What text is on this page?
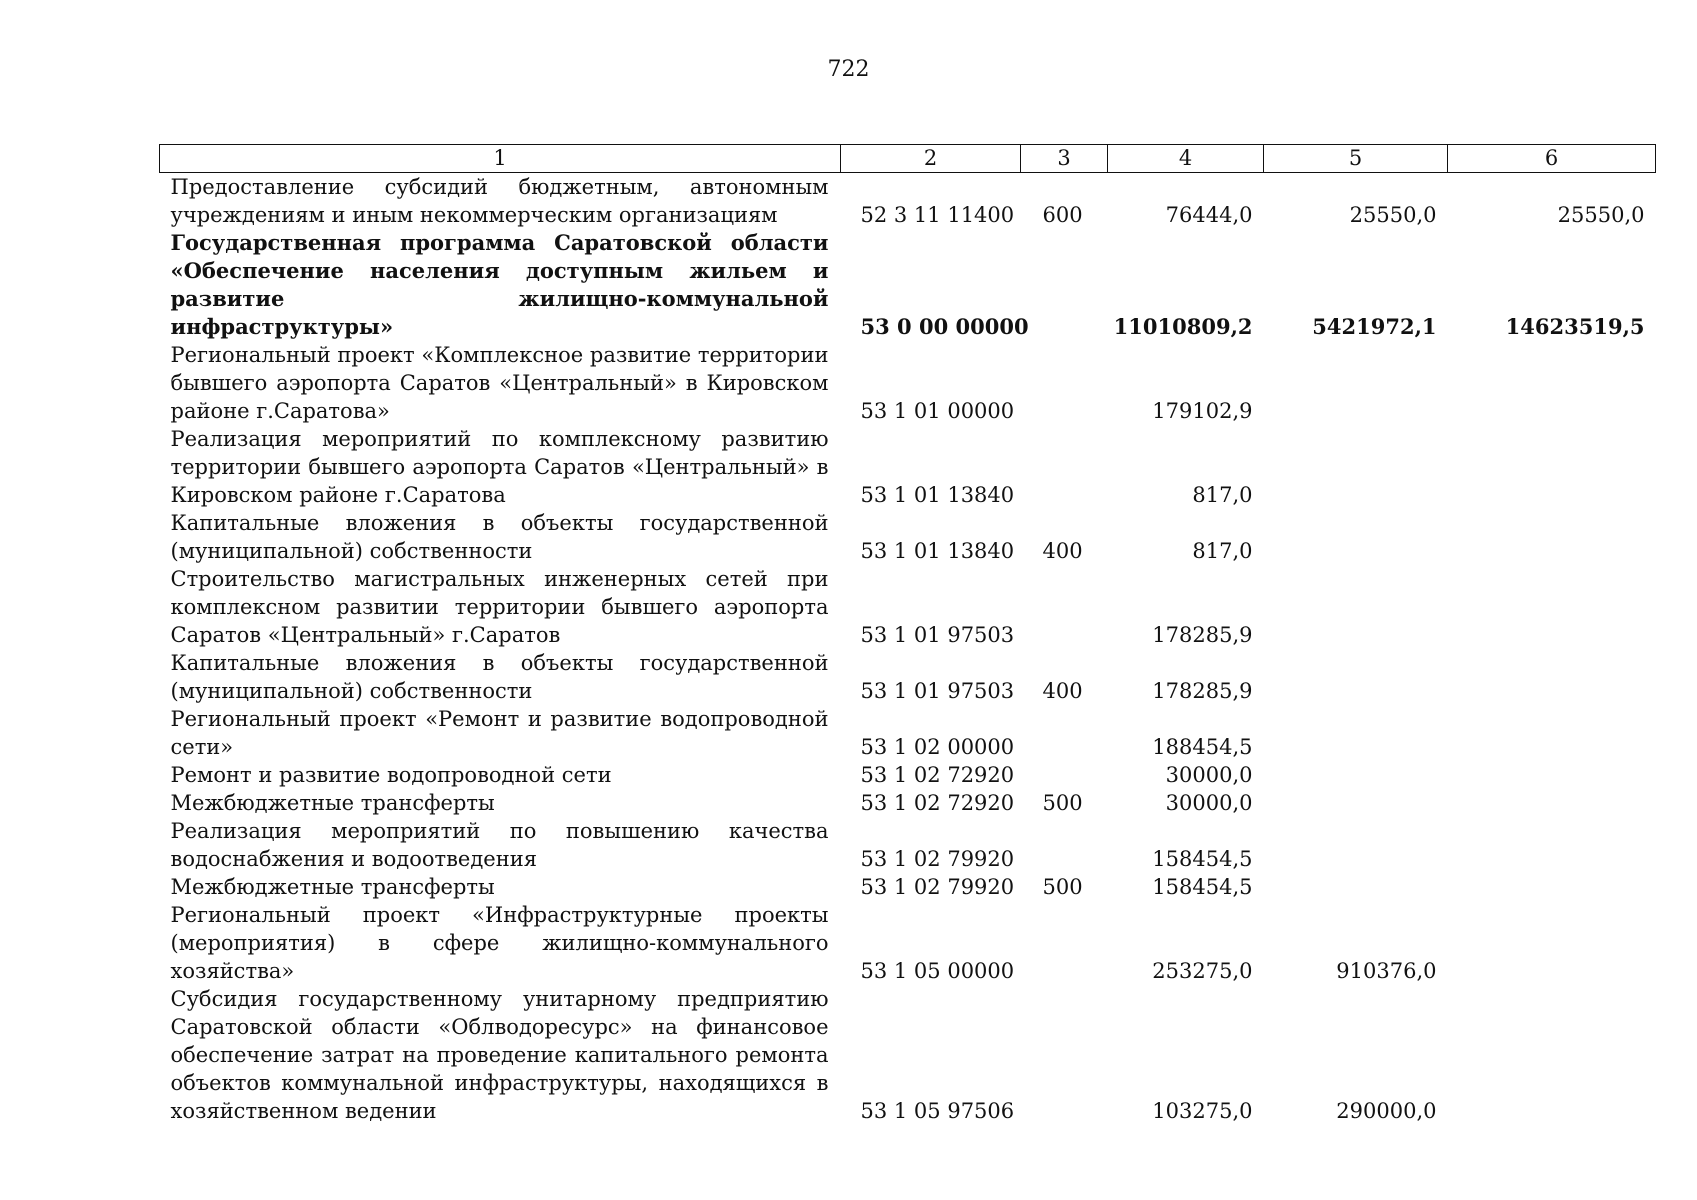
722
1	2	3	4	5	6
Предоставление субсидий бюджетным, автономным учреждениям и иным некоммерческим организациям	52 3 11 11400	600	76444,0	25550,0	25550,0
Государственная программа Саратовской области «Обеспечение населения доступным жильем и развитие жилищно-коммунальной инфраструктуры»	53 0 00 00000		11010809,2	5421972,1	14623519,5
Региональный проект «Комплексное развитие территории бывшего аэропорта Саратов «Центральный» в Кировском районе г.Саратова»	53 1 01 00000		179102,9		
Реализация мероприятий по комплексному развитию территории бывшего аэропорта Саратов «Центральный» в Кировском районе г.Саратова	53 1 01 13840		817,0		
Капитальные вложения в объекты государственной (муниципальной) собственности	53 1 01 13840	400	817,0		
Строительство магистральных инженерных сетей при комплексном развитии территории бывшего аэропорта Саратов «Центральный» г.Саратов	53 1 01 97503		178285,9		
Капитальные вложения в объекты государственной (муниципальной) собственности	53 1 01 97503	400	178285,9		
Региональный проект «Ремонт и развитие водопроводной сети»	53 1 02 00000		188454,5		
Ремонт и развитие водопроводной сети	53 1 02 72920		30000,0		
Межбюджетные трансферты	53 1 02 72920	500	30000,0		
Реализация мероприятий по повышению качества водоснабжения и водоотведения	53 1 02 79920		158454,5		
Межбюджетные трансферты	53 1 02 79920	500	158454,5		
Региональный проект «Инфраструктурные проекты (мероприятия) в сфере жилищно-коммунального хозяйства»	53 1 05 00000		253275,0	910376,0	
Субсидия государственному унитарному предприятию Саратовской области «Облводоресурс» на финансовое обеспечение затрат на проведение капитального ремонта объектов коммунальной инфраструктуры, находящихся в хозяйственном ведении	53 1 05 97506		103275,0	290000,0	
